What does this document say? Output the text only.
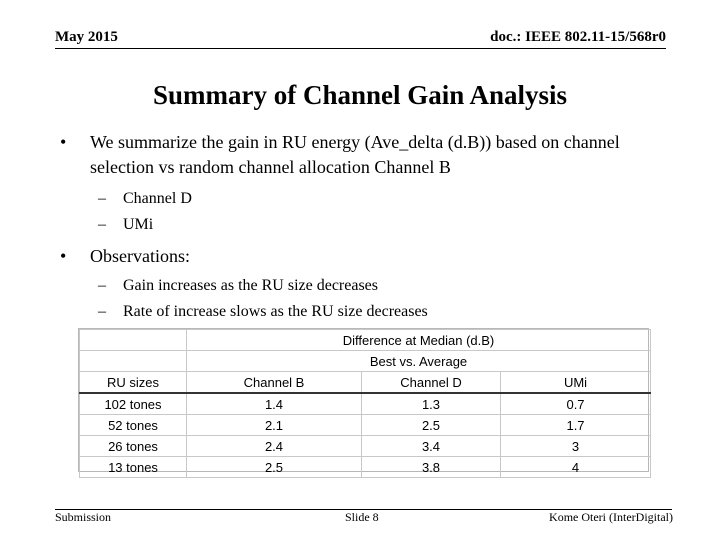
May 2015	doc.: IEEE 802.11-15/568r0
Summary of Channel Gain Analysis
• We summarize the gain in RU energy (Ave_delta (d.B)) based on channel selection vs random channel allocation Channel B
– Channel D
– UMi
• Observations:
– Gain increases as the RU size decreases
– Rate of increase slows as the RU size decreases
	Difference at Median (d.B)		
	Best vs. Average		
RU sizes	Channel B	Channel D	UMi
102 tones	1.4	1.3	0.7
52 tones	2.1	2.5	1.7
26 tones	2.4	3.4	3
13 tones	2.5	3.8	4
Submission	Slide 8	Kome Oteri (InterDigital)
